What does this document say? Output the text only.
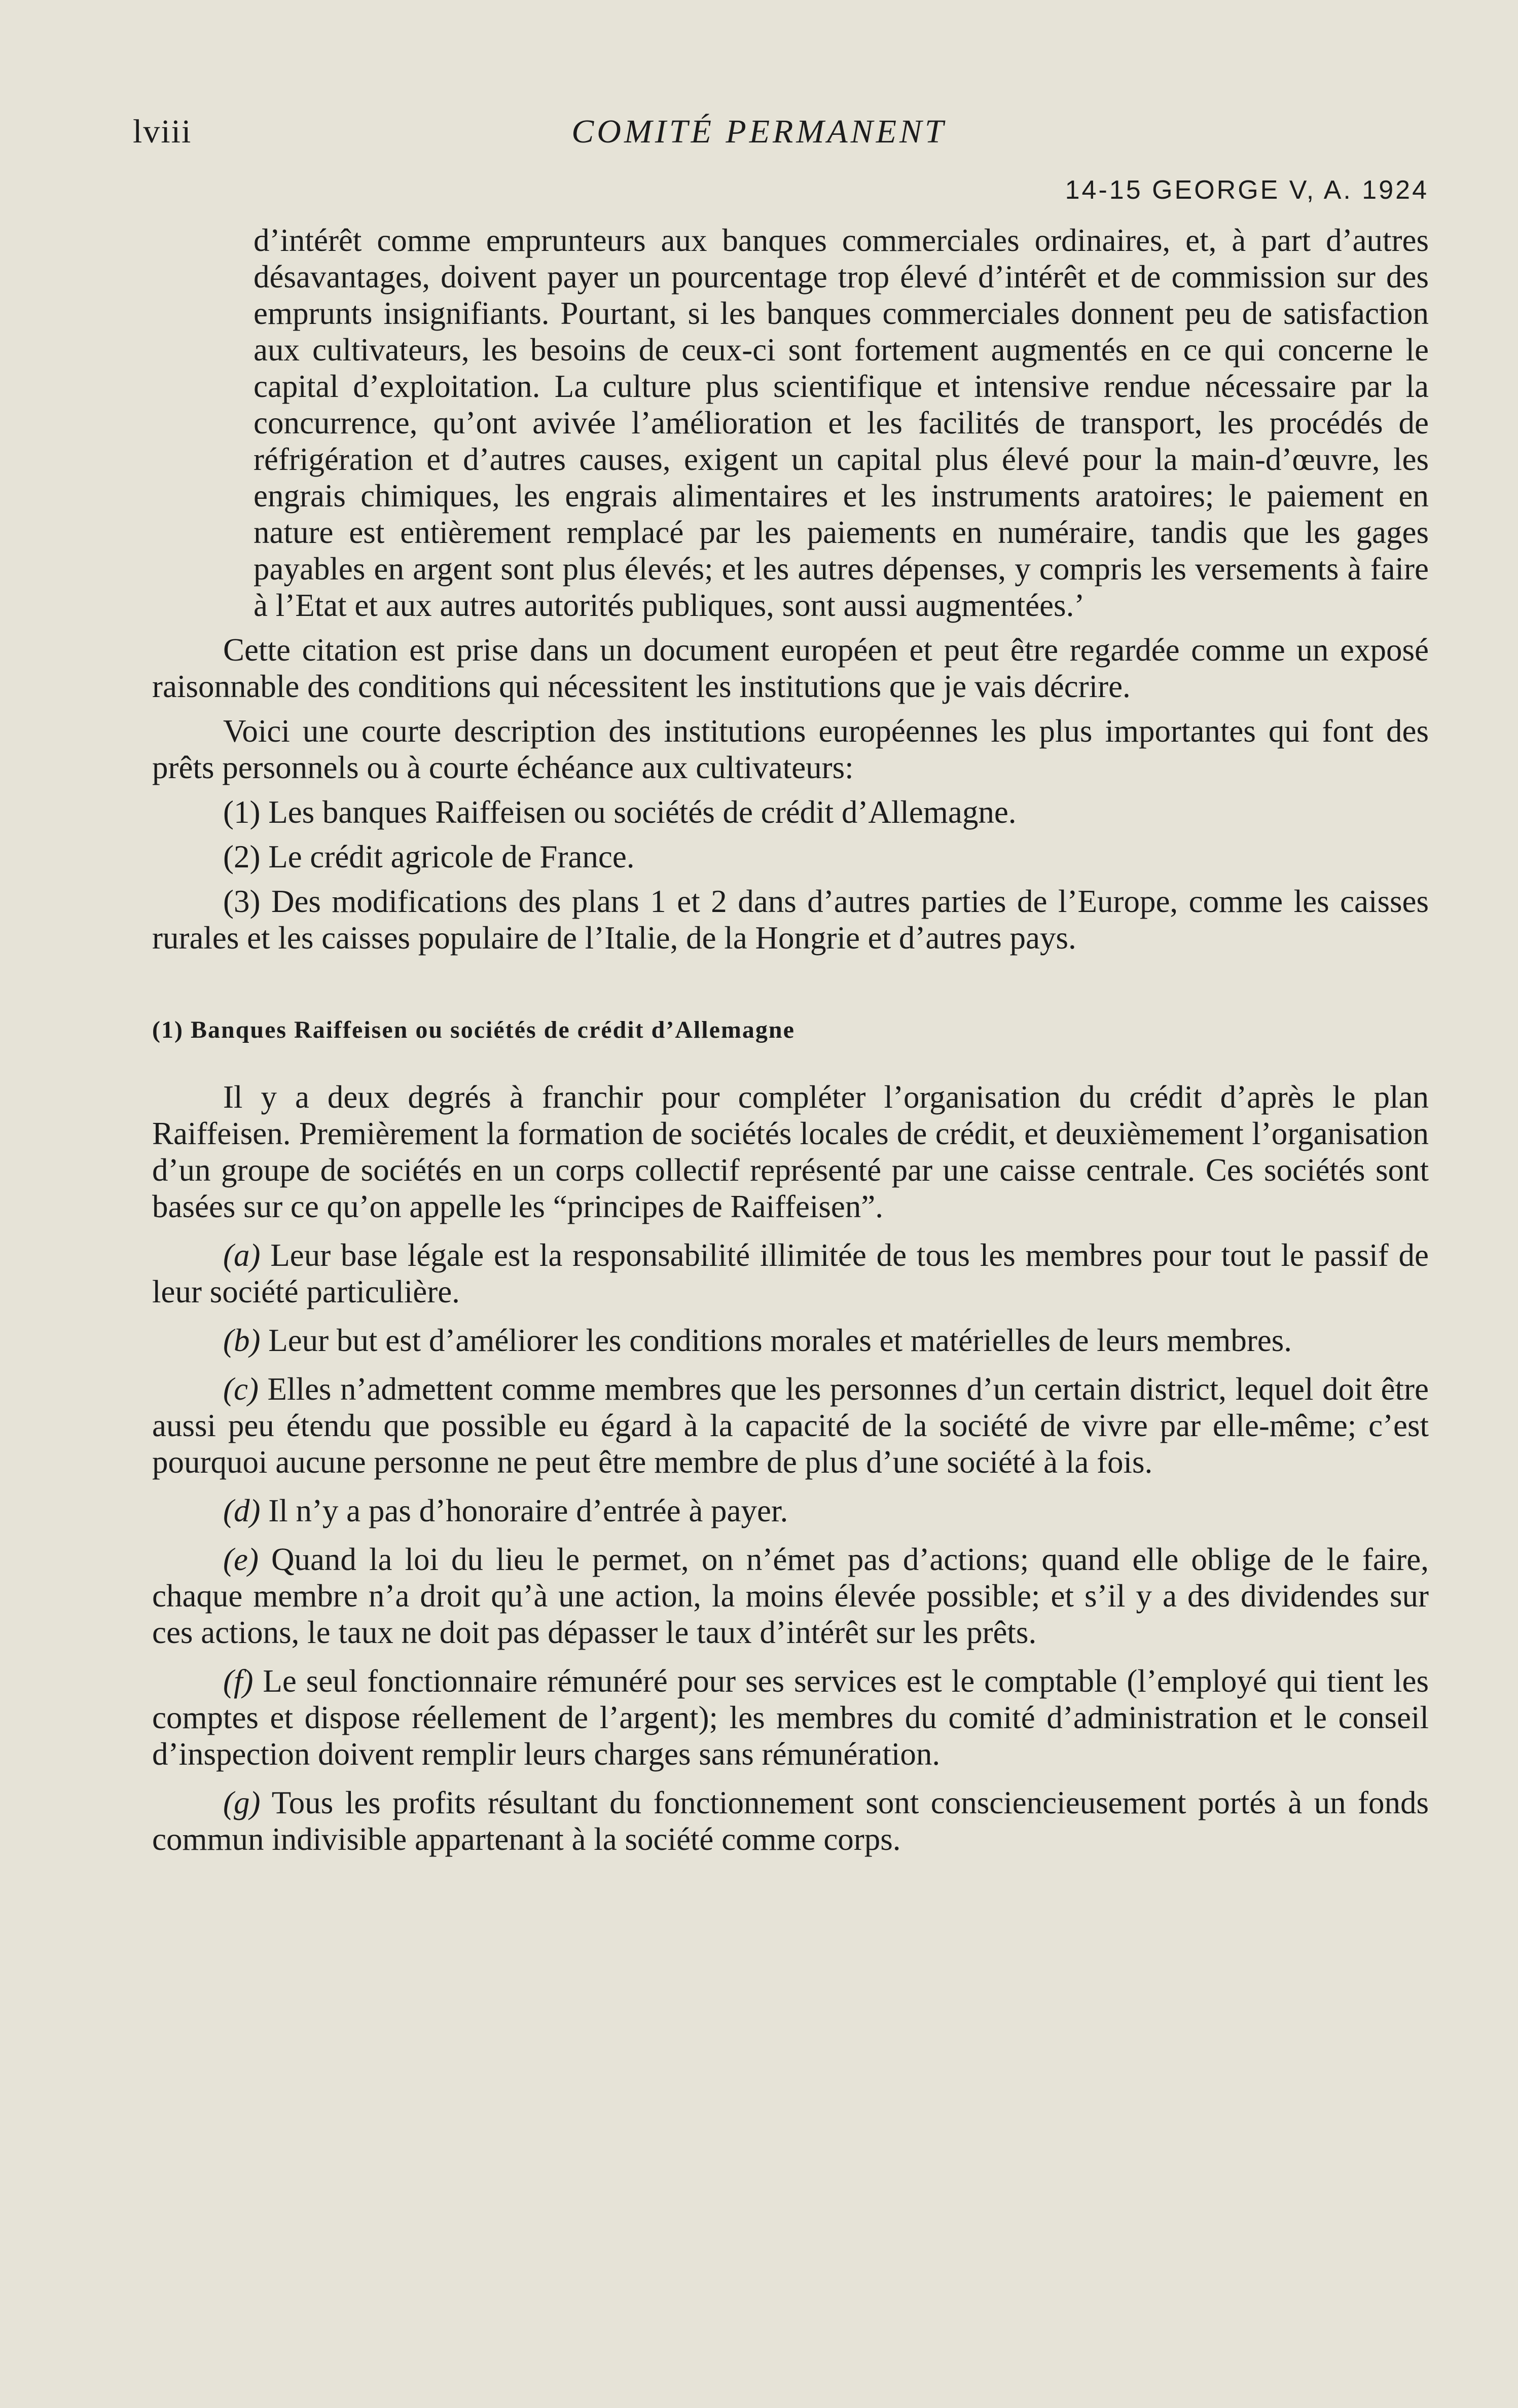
lviii	COMITÉ PERMANENT
14-15 GEORGE V, A. 1924

d’intérêt comme emprunteurs aux banques commerciales ordinaires, et, à part d’autres désavantages, doivent payer un pourcentage trop élevé d’intérêt et de commission sur des emprunts insignifiants. Pourtant, si les banques commerciales donnent peu de satisfaction aux cultivateurs, les besoins de ceux-ci sont fortement augmentés en ce qui concerne le capital d’exploitation. La culture plus scientifique et intensive rendue nécessaire par la concurrence, qu’ont avivée l’amélioration et les facilités de transport, les procédés de réfrigération et d’autres causes, exigent un capital plus élevé pour la main-d’œuvre, les engrais chimiques, les engrais alimentaires et les instruments aratoires; le paiement en nature est entièrement remplacé par les paiements en numéraire, tandis que les gages payables en argent sont plus élevés; et les autres dépenses, y compris les versements à faire à l’Etat et aux autres autorités publiques, sont aussi augmentées.’

Cette citation est prise dans un document européen et peut être regardée comme un exposé raisonnable des conditions qui nécessitent les institutions que je vais décrire.

Voici une courte description des institutions européennes les plus importantes qui font des prêts personnels ou à courte échéance aux cultivateurs:

(1) Les banques Raiffeisen ou sociétés de crédit d’Allemagne.

(2) Le crédit agricole de France.

(3) Des modifications des plans 1 et 2 dans d’autres parties de l’Europe, comme les caisses rurales et les caisses populaire de l’Italie, de la Hongrie et d’autres pays.

(1) Banques Raiffeisen ou sociétés de crédit d’Allemagne

Il y a deux degrés à franchir pour compléter l’organisation du crédit d’après le plan Raiffeisen. Premièrement la formation de sociétés locales de crédit, et deuxièmement l’organisation d’un groupe de sociétés en un corps collectif représenté par une caisse centrale. Ces sociétés sont basées sur ce qu’on appelle les “principes de Raiffeisen”.

(a) Leur base légale est la responsabilité illimitée de tous les membres pour tout le passif de leur société particulière.

(b) Leur but est d’améliorer les conditions morales et matérielles de leurs membres.

(c) Elles n’admettent comme membres que les personnes d’un certain district, lequel doit être aussi peu étendu que possible eu égard à la capacité de la société de vivre par elle-même; c’est pourquoi aucune personne ne peut être membre de plus d’une société à la fois.

(d) Il n’y a pas d’honoraire d’entrée à payer.

(e) Quand la loi du lieu le permet, on n’émet pas d’actions; quand elle oblige de le faire, chaque membre n’a droit qu’à une action, la moins élevée possible; et s’il y a des dividendes sur ces actions, le taux ne doit pas dépasser le taux d’intérêt sur les prêts.

(f) Le seul fonctionnaire rémunéré pour ses services est le comptable (l’employé qui tient les comptes et dispose réellement de l’argent); les membres du comité d’administration et le conseil d’inspection doivent remplir leurs charges sans rémunération.

(g) Tous les profits résultant du fonctionnement sont consciencieusement portés à un fonds commun indivisible appartenant à la société comme corps.
